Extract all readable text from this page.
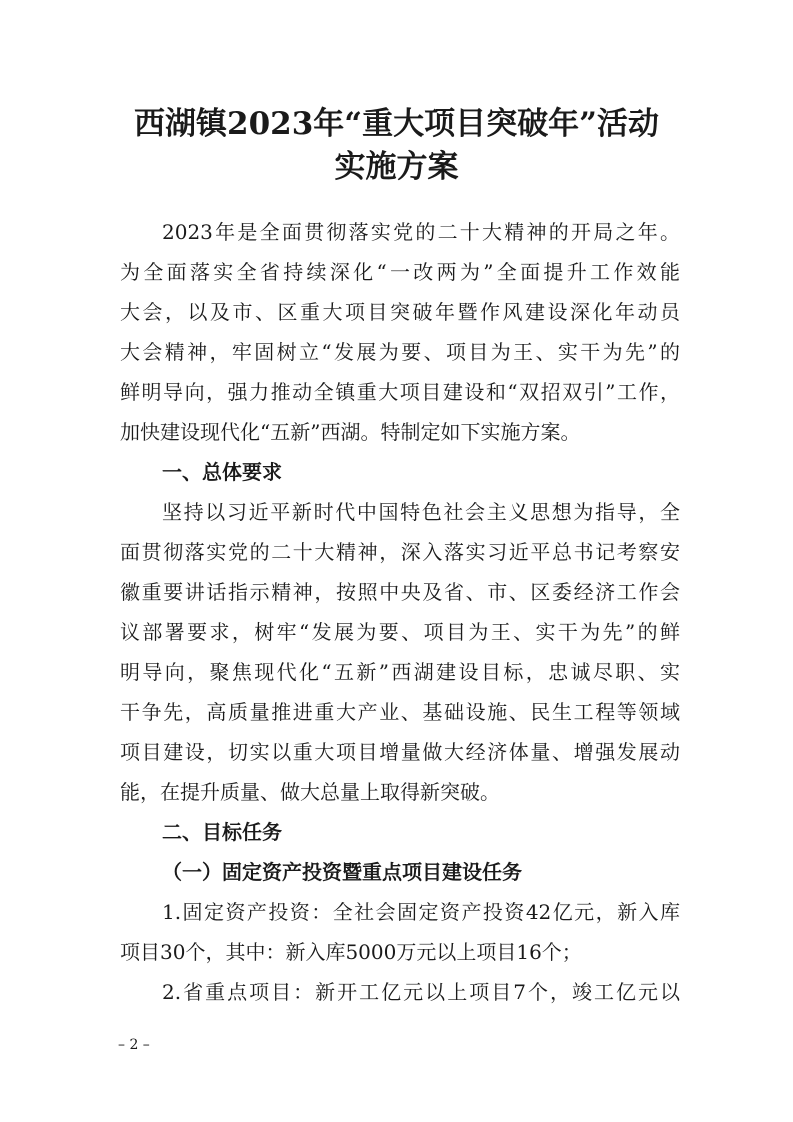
西湖镇2023年“重大项目突破年”活动
实施方案
2023年是全面贯彻落实党的二十大精神的开局之年。
为全面落实全省持续深化“一改两为”全面提升工作效能
大会，以及市、区重大项目突破年暨作风建设深化年动员
大会精神，牢固树立“发展为要、项目为王、实干为先”的
鲜明导向，强力推动全镇重大项目建设和“双招双引”工作，
加快建设现代化“五新”西湖。特制定如下实施方案。
一、总体要求
坚持以习近平新时代中国特色社会主义思想为指导，全
面贯彻落实党的二十大精神，深入落实习近平总书记考察安
徽重要讲话指示精神，按照中央及省、市、区委经济工作会
议部署要求，树牢“发展为要、项目为王、实干为先”的鲜
明导向，聚焦现代化“五新”西湖建设目标，忠诚尽职、实
干争先，高质量推进重大产业、基础设施、民生工程等领域
项目建设，切实以重大项目增量做大经济体量、增强发展动
能，在提升质量、做大总量上取得新突破。
二、目标任务
（一）固定资产投资暨重点项目建设任务
1.固定资产投资：全社会固定资产投资42亿元，新入库
项目30个，其中：新入库5000万元以上项目16个；
2.省重点项目：新开工亿元以上项目7个，竣工亿元以
– 2 –
